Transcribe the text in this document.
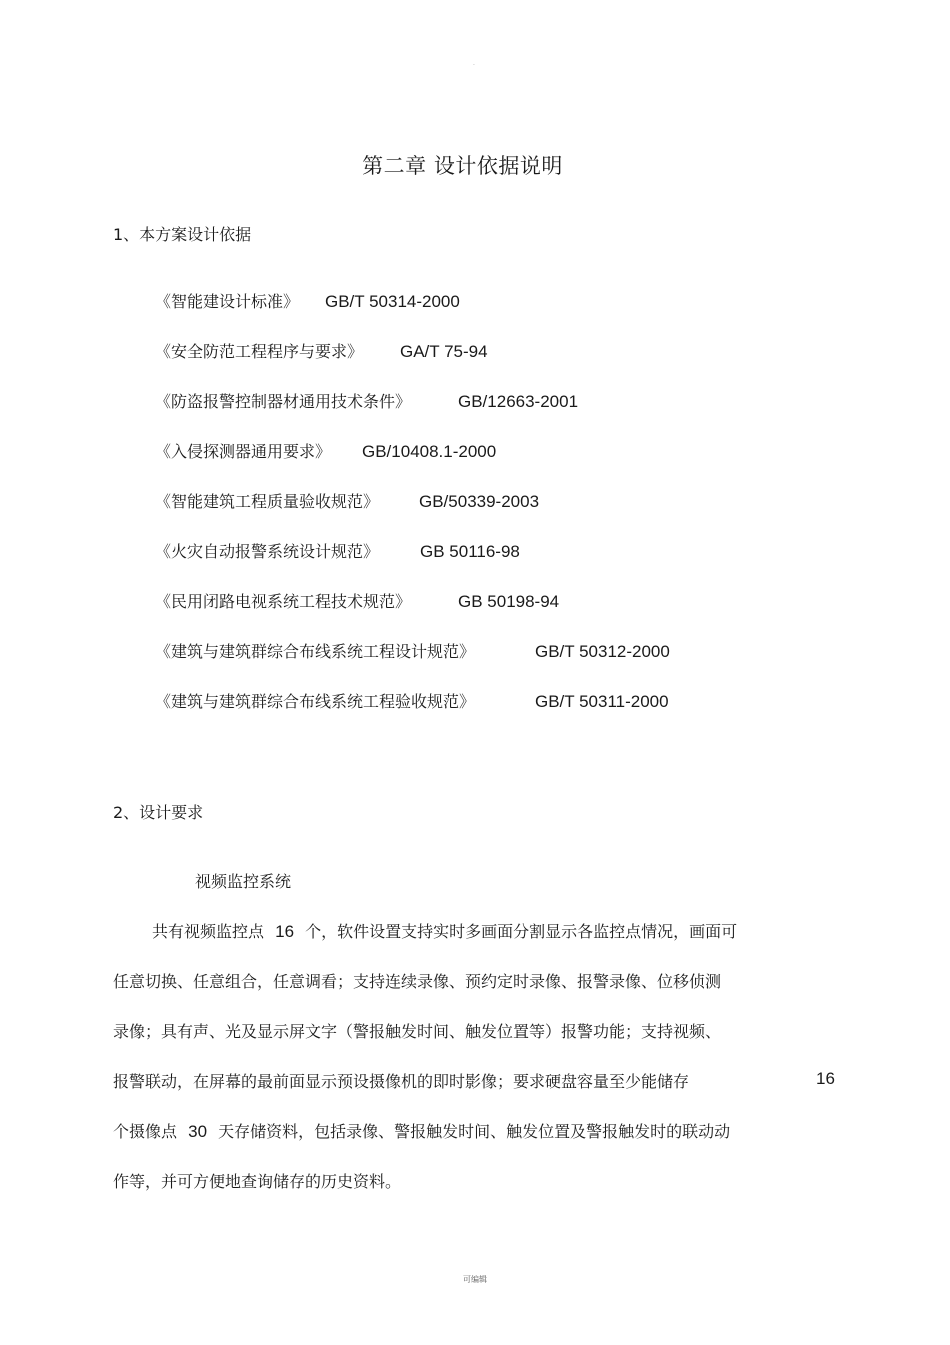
·
第二章 设计依据说明
1、本方案设计依据
《智能建设计标准》 GB/T 50314-2000
《安全防范工程程序与要求》 GA/T 75-94
《防盗报警控制器材通用技术条件》	GB/12663-2001
《入侵探测器通用要求》 GB/10408.1-2000
《智能建筑工程质量验收规范》 GB/50339-2003
《火灾自动报警系统设计规范》 GB 50116-98
《民用闭路电视系统工程技术规范》	GB 50198-94
《建筑与建筑群综合布线系统工程设计规范》	GB/T 50312-2000
《建筑与建筑群综合布线系统工程验收规范》	GB/T 50311-2000
2、设计要求
视频监控系统
共有视频监控点 16 个，软件设置支持实时多画面分割显示各监控点情况，画面可
任意切换、任意组合，任意调看；支持连续录像、预约定时录像、报警录像、位移侦测
录像；具有声、光及显示屏文字（警报触发时间、触发位置等）报警功能；支持视频、
报警联动，在屏幕的最前面显示预设摄像机的即时影像；要求硬盘容量至少能储存	16
个摄像点 30 天存储资料，包括录像、警报触发时间、触发位置及警报触发时的联动动
作等，并可方便地查询储存的历史资料。
可编辑
